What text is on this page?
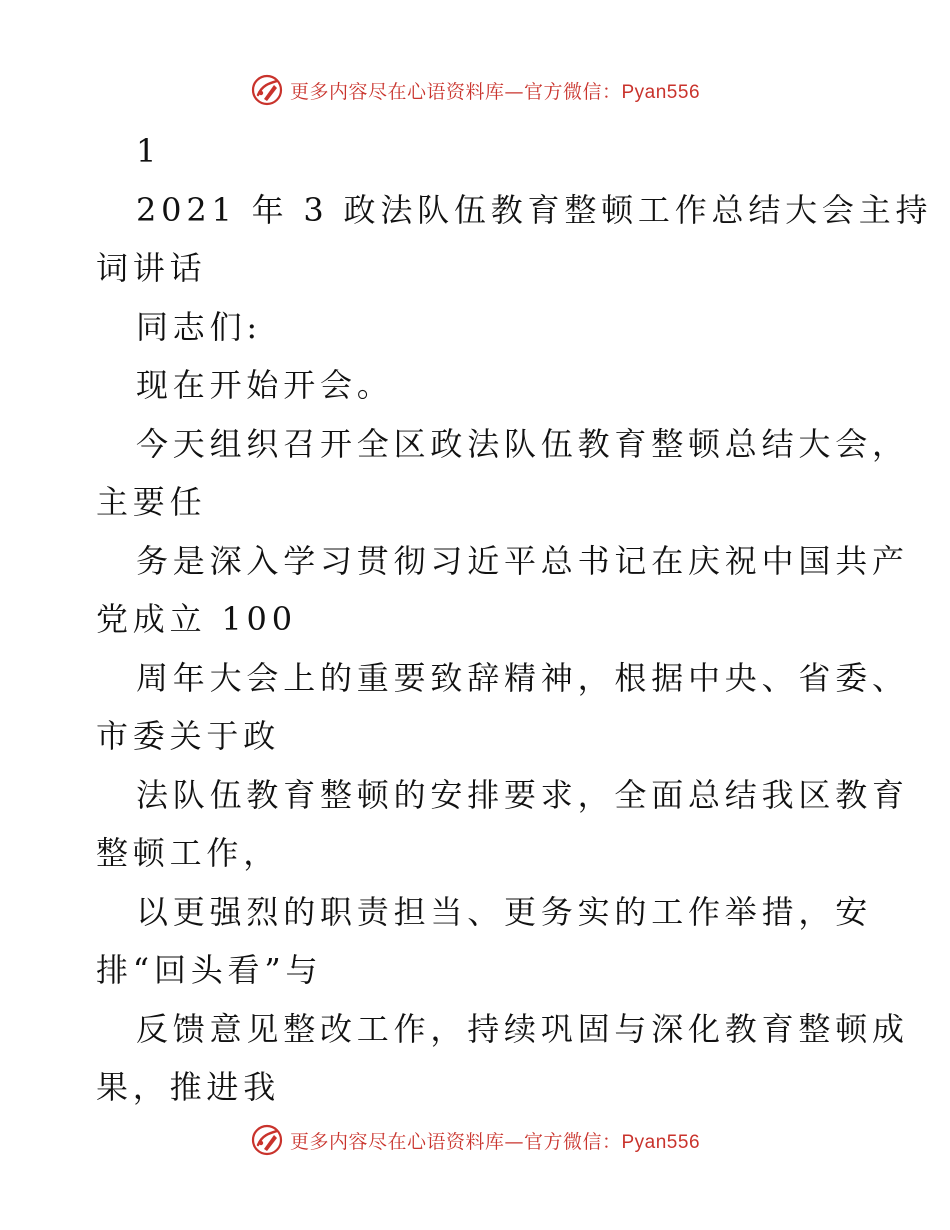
更多内容尽在心语资料库—官方微信：Pyan556
1
2021 年 3 政法队伍教育整顿工作总结大会主持
词讲话
同志们:
现在开始开会。
今天组织召开全区政法队伍教育整顿总结大会，
主要任
务是深入学习贯彻习近平总书记在庆祝中国共产
党成立 100
周年大会上的重要致辞精神，根据中央、省委、
市委关于政
法队伍教育整顿的安排要求，全面总结我区教育
整顿工作，
以更强烈的职责担当、更务实的工作举措，安
排“回头看”与
反馈意见整改工作，持续巩固与深化教育整顿成
果，推进我
更多内容尽在心语资料库—官方微信：Pyan556
